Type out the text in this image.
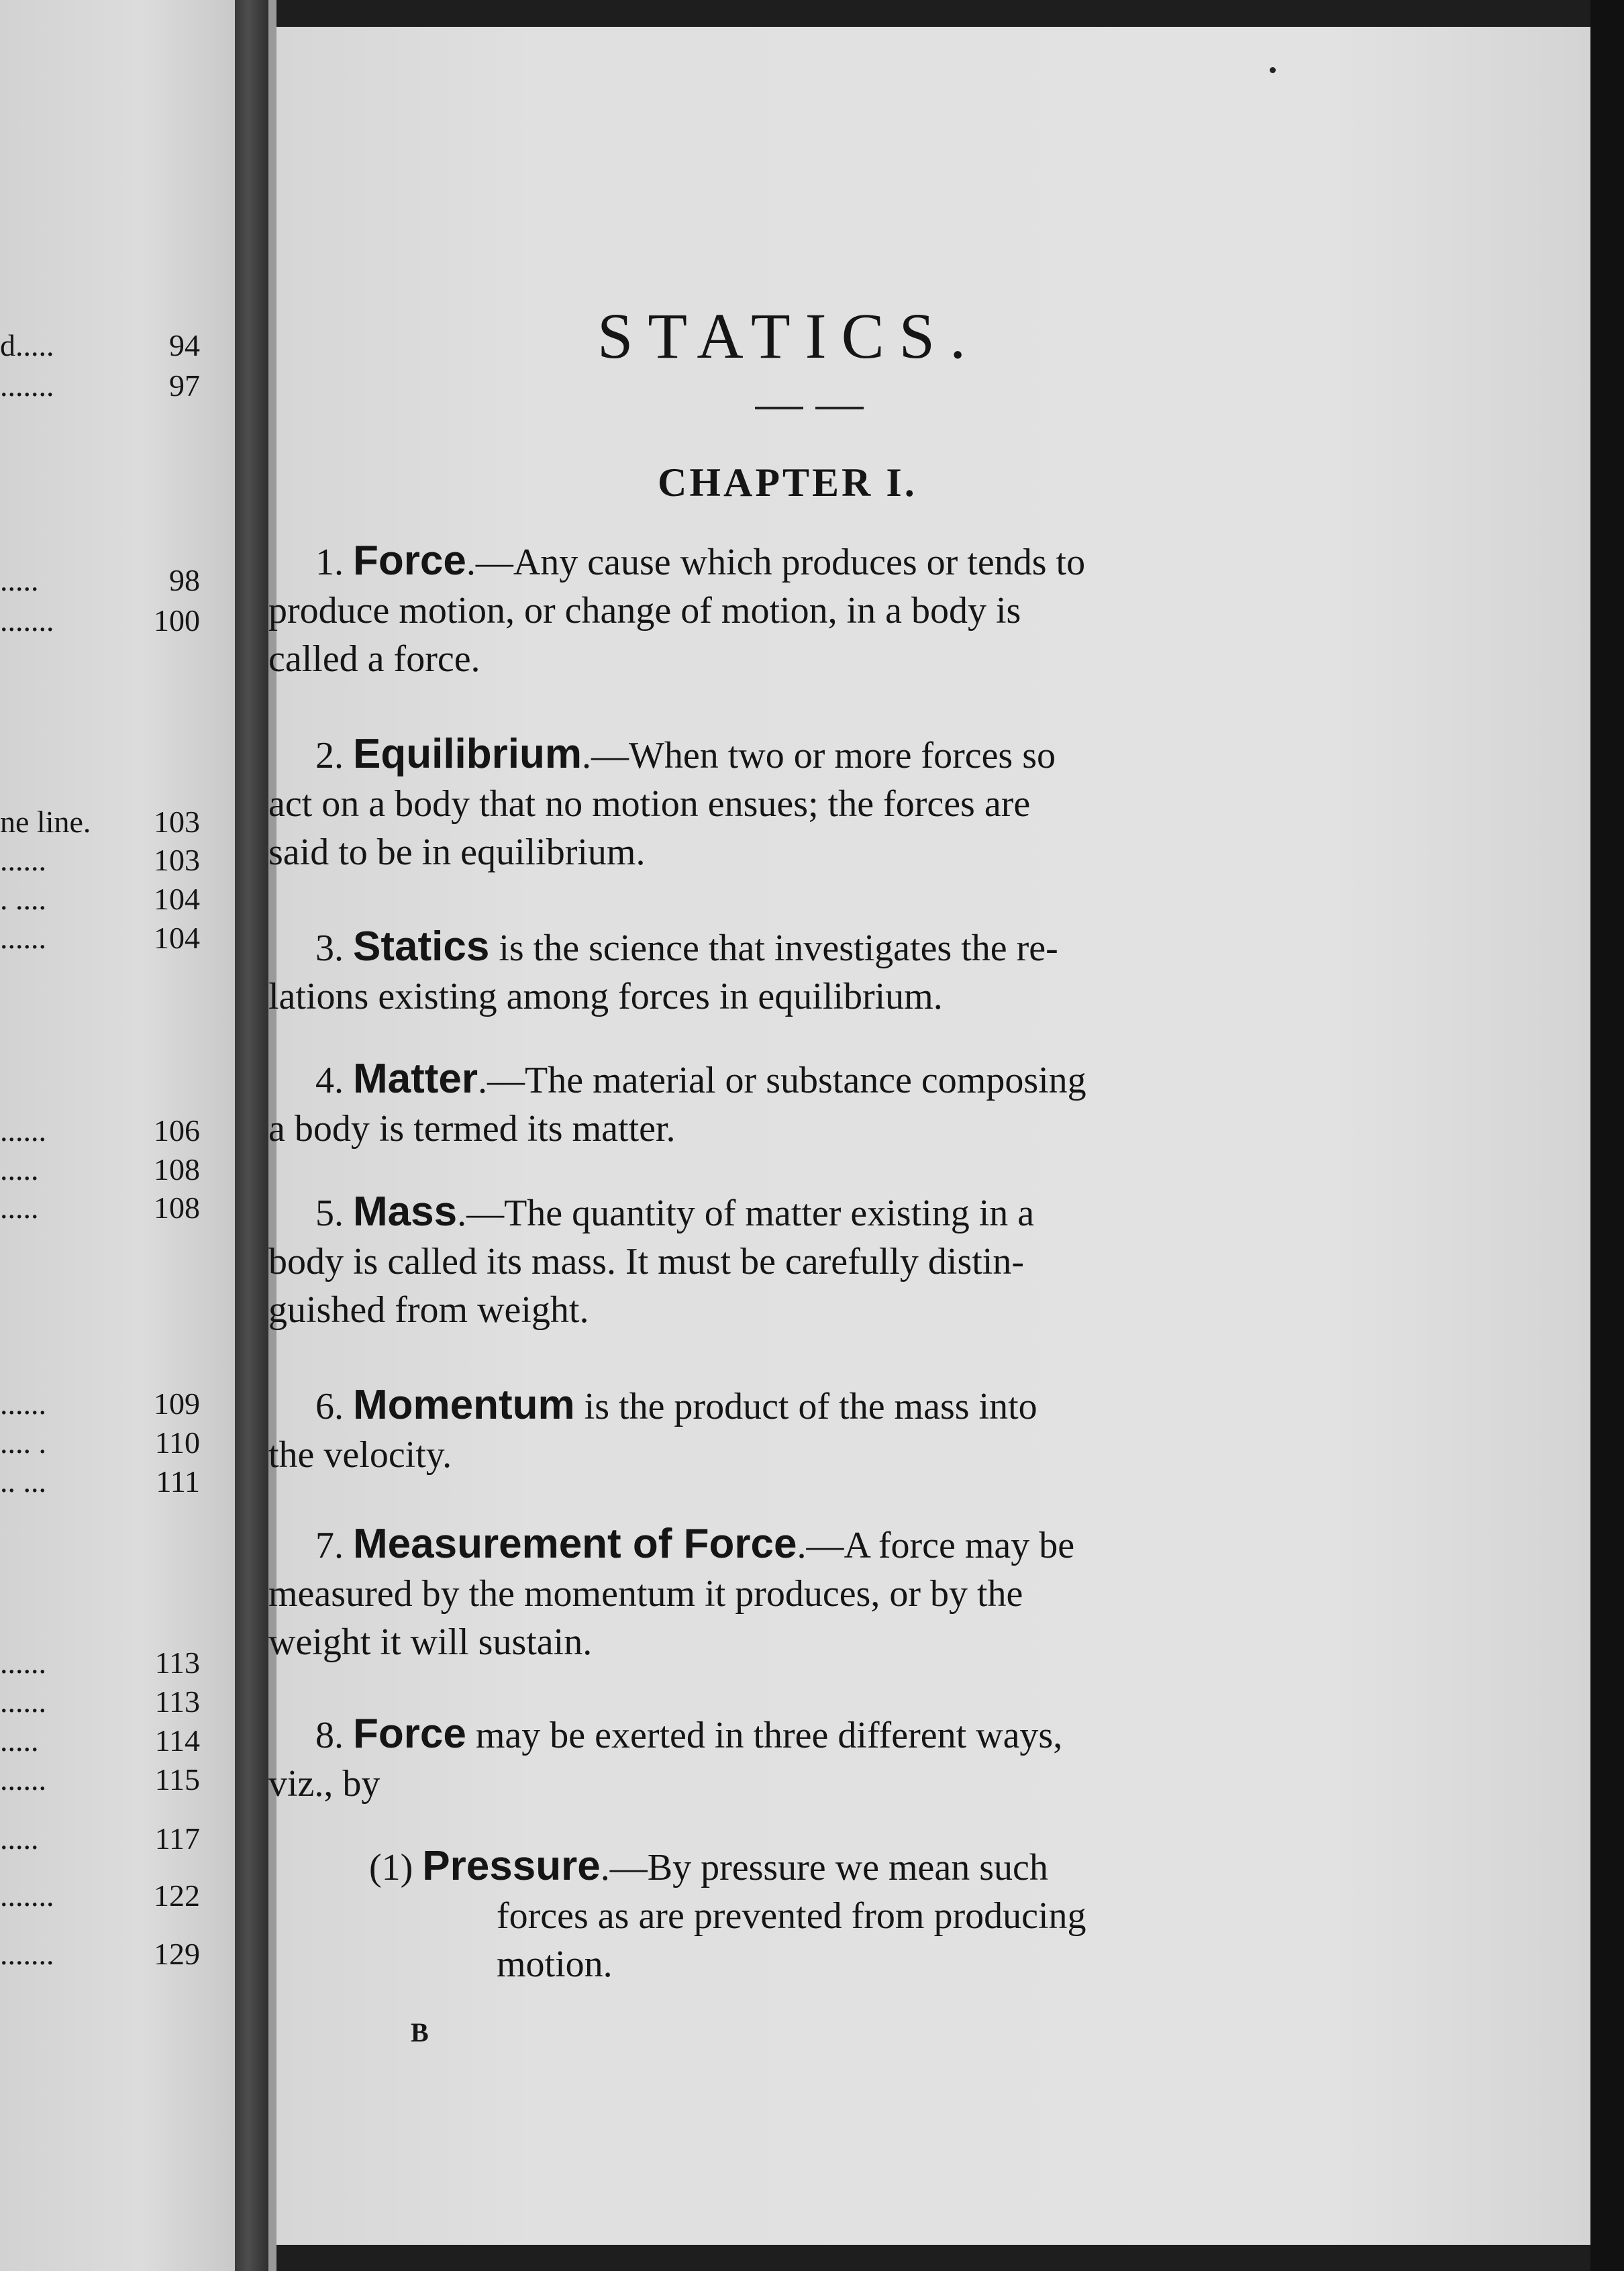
d.....	94
.......	97
.....	98
.......	100
ne line. 103
......	103
. ....	104
......	104
......	106
.....	108
.....	108
......	109
.... .	110
.. ...	111
......	113
......	113
.....	114
......	115
.....	117
.......	122
.......	129
STATICS.
CHAPTER I.
1. Force.—Any cause which produces or tends to
produce motion, or change of motion, in a body is
called a force.
2. Equilibrium.—When two or more forces so
act on a body that no motion ensues; the forces are
said to be in equilibrium.
3. Statics is the science that investigates the re-
lations existing among forces in equilibrium.
4. Matter.—The material or substance composing
a body is termed its matter.
5. Mass.—The quantity of matter existing in a
body is called its mass. It must be carefully distin-
guished from weight.
6. Momentum is the product of the mass into
the velocity.
7. Measurement of Force.—A force may be
measured by the momentum it produces, or by the
weight it will sustain.
8. Force may be exerted in three different ways,
viz., by
(1) Pressure.—By pressure we mean such
forces as are prevented from producing
motion.
B
